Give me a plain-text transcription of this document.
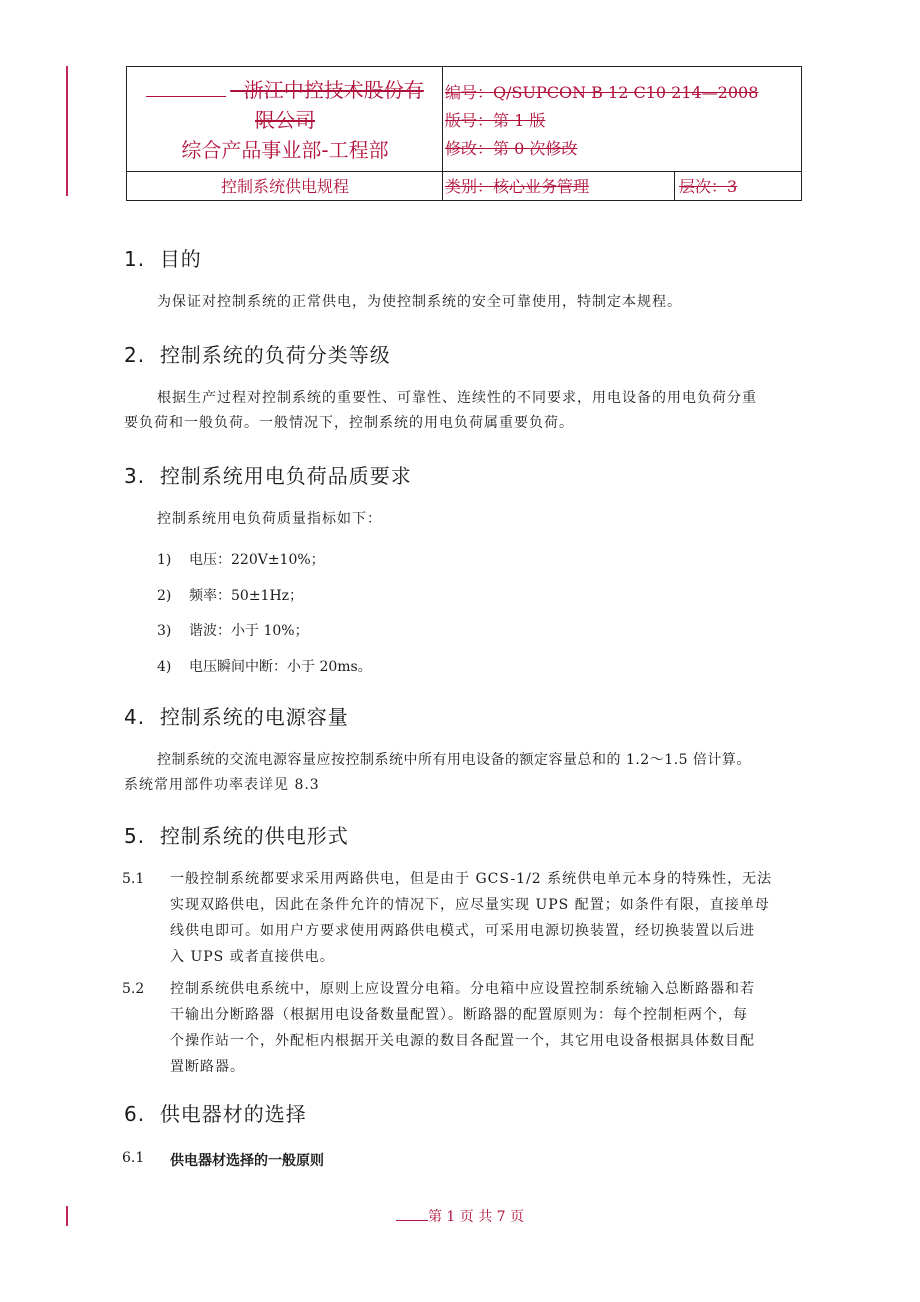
- 浙江中控技术股份有
限公司
综合产品事业部-工程部
编号：Q/SUPCON B 12 C10 214—2008
版号：第 1 版
修改：第 0 次修改
控制系统供电规程	类别：核心业务管理	层次：3
1. 目的
为保证对控制系统的正常供电，为使控制系统的安全可靠使用，特制定本规程。
2. 控制系统的负荷分类等级
根据生产过程对控制系统的重要性、可靠性、连续性的不同要求，用电设备的用电负荷分重
要负荷和一般负荷。一般情况下，控制系统的用电负荷属重要负荷。
3. 控制系统用电负荷品质要求
控制系统用电负荷质量指标如下：
1) 电压：220V±10%；
2) 频率：50±1Hz；
3) 谐波：小于 10%；
4) 电压瞬间中断：小于 20ms。
4. 控制系统的电源容量
控制系统的交流电源容量应按控制系统中所有用电设备的额定容量总和的 1.2～1.5 倍计算。
系统常用部件功率表详见 8.3
5. 控制系统的供电形式
5.1 一般控制系统都要求采用两路供电，但是由于 GCS-1/2 系统供电单元本身的特殊性，无法
实现双路供电，因此在条件允许的情况下，应尽量实现 UPS 配置；如条件有限，直接单母
线供电即可。如用户方要求使用两路供电模式，可采用电源切换装置，经切换装置以后进
入 UPS 或者直接供电。
5.2 控制系统供电系统中，原则上应设置分电箱。分电箱中应设置控制系统输入总断路器和若
干输出分断路器（根据用电设备数量配置）。断路器的配置原则为：每个控制柜两个，每
个操作站一个，外配柜内根据开关电源的数目各配置一个，其它用电设备根据具体数目配
置断路器。
6. 供电器材的选择
6.1 供电器材选择的一般原则
第 1 页 共 7 页
